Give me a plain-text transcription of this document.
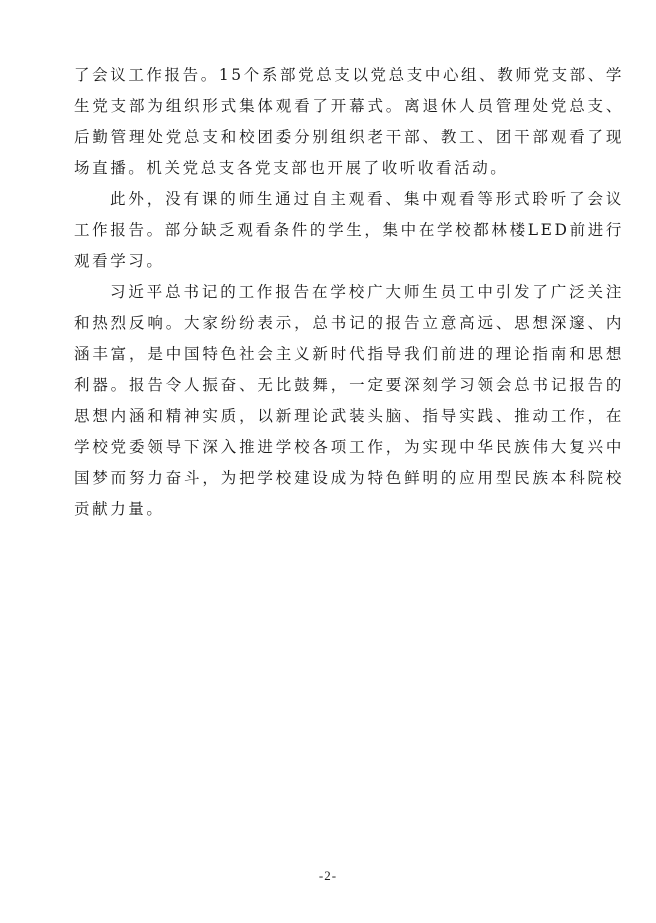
了会议工作报告。15个系部党总支以党总支中心组、教师党支部、学生党支部为组织形式集体观看了开幕式。离退休人员管理处党总支、后勤管理处党总支和校团委分别组织老干部、教工、团干部观看了现场直播。机关党总支各党支部也开展了收听收看活动。

此外，没有课的师生通过自主观看、集中观看等形式聆听了会议工作报告。部分缺乏观看条件的学生，集中在学校都林楼LED前进行观看学习。

习近平总书记的工作报告在学校广大师生员工中引发了广泛关注和热烈反响。大家纷纷表示，总书记的报告立意高远、思想深邃、内涵丰富，是中国特色社会主义新时代指导我们前进的理论指南和思想利器。报告令人振奋、无比鼓舞，一定要深刻学习领会总书记报告的思想内涵和精神实质，以新理论武装头脑、指导实践、推动工作，在学校党委领导下深入推进学校各项工作，为实现中华民族伟大复兴中国梦而努力奋斗，为把学校建设成为特色鲜明的应用型民族本科院校贡献力量。

-2-
